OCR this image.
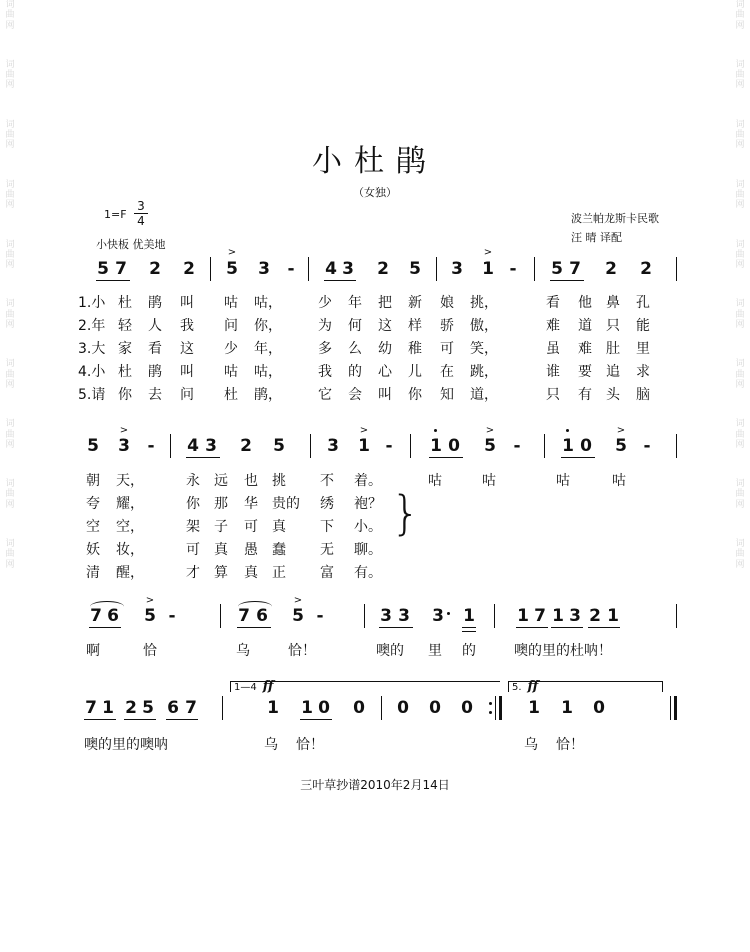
词
曲
网
词
曲
网
词
曲
网
词
曲
网
词
曲
网
词
曲
网
词
曲
网
词
曲
网
词
曲
网
词
曲
网
词
曲
网
词
曲
网
词
曲
网
词
曲
网
词
曲
网
词
曲
网
词
曲
网
词
曲
网
词
曲
网
词
曲
网
小杜鹃
（女独）
1=F
3
4
小快板 优美地
波兰帕龙斯卡民歌
汪 晴 译配
5 7 2 2
>
5 3 - 4 3 2 5 3
>
1 - 5 7 2 2
1.小 杜 鹃 叫 咕 咕，	少 年 把 新 娘 挑，	看 他 鼻 孔
2.年 轻 人 我 问 你，	为 何 这 样 骄 傲，	难 道 只 能
3.大 家 看 这 少 年，	多 么 幼 稚 可 笑，	虽 难 肚 里
4.小 杜 鹃 叫 咕 咕，	我 的 心 儿 在 跳，	谁 要 追 求
5.请 你 去 问 杜 鹃，	它 会 叫 你 知 道，	只 有 头 脑
5
>
3 - 4 3 2 5 3
>
1 - 1 0
>
5 - 1 0
>
5 -
朝 天，	永 远 也 挑 不 着。	咕	咕	咕	咕
夸 耀，	你 那 华 贵的 绣 袍？
空 空，	架 子 可 真 下 小。
妖 妆，	可 真 愚 蠢 无 聊。
清 醒，	才 算 真 正 富 有。
}
7 6
>
5 -	7 6
>
5 -	3 3 3 1 1 7 1 3 2 1
啊	恰	乌	恰！	噢的 里 的	噢的里的杜呐！
7 1 2 5 6 7
1—4 ff
1 1 0 0 0 0 0
5. ff
1 1 0
噢的里的噢呐	乌 恰！	乌 恰！
三叶草抄谱2010年2月14日
